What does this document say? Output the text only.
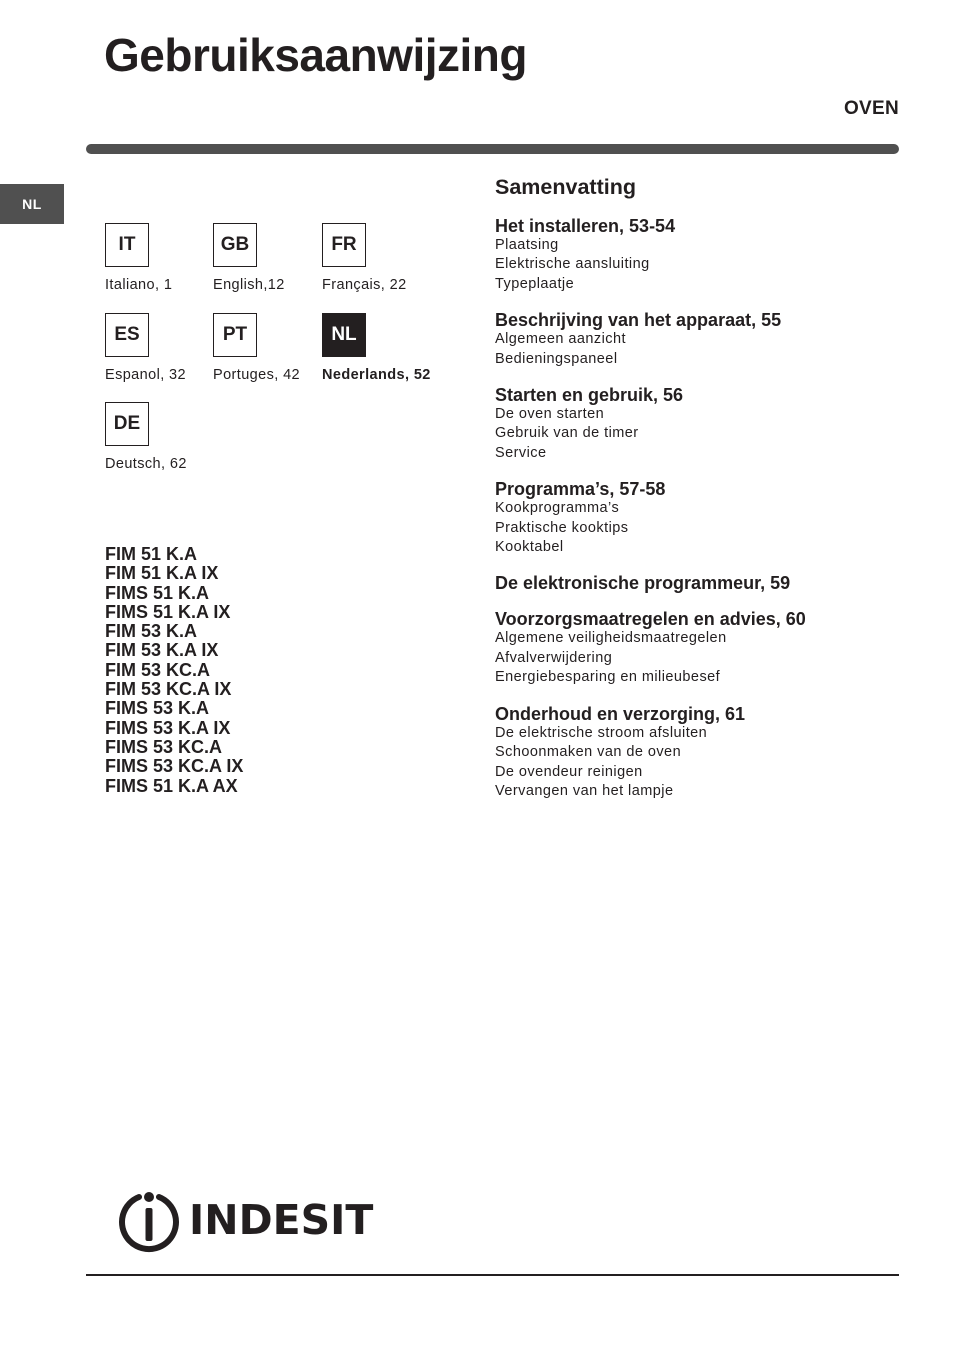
Gebruiksaanwijzing
OVEN
NL
IT
Italiano, 1
GB
English,12
FR
Français, 22
ES
Espanol, 32
PT
Portuges, 42
NL
Nederlands, 52
DE
Deutsch, 62
FIM 51 K.A
FIM 51 K.A IX
FIMS 51 K.A
FIMS 51 K.A IX
FIM 53 K.A
FIM 53 K.A IX
FIM 53 KC.A
FIM 53 KC.A IX
FIMS 53 K.A
FIMS 53 K.A IX
FIMS 53 KC.A
FIMS 53 KC.A IX
FIMS 51 K.A AX
Samenvatting
Het installeren, 53-54
Plaatsing
Elektrische aansluiting
Typeplaatje
Beschrijving van het apparaat, 55
Algemeen aanzicht
Bedieningspaneel
Starten en gebruik, 56
De oven starten
Gebruik van de timer
Service
Programma’s, 57-58
Kookprogramma’s
Praktische kooktips
Kooktabel
De elektronische programmeur, 59
Voorzorgsmaatregelen en advies, 60
Algemene veiligheidsmaatregelen
Afvalverwijdering
Energiebesparing en milieubesef
Onderhoud en verzorging, 61
De elektrische stroom afsluiten
Schoonmaken van de oven
De ovendeur reinigen
Vervangen van het lampje
INDESIT
